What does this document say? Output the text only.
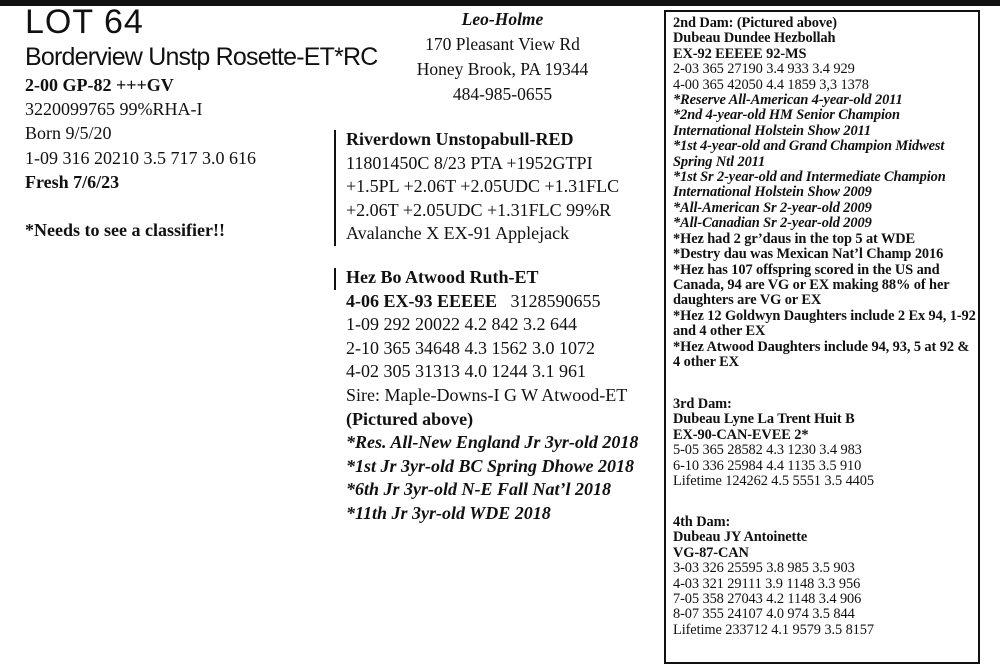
LOT 64
Borderview Unstp Rosette-ET*RC
2-00 GP-82 +++GV
3220099765 99%RHA-I
Born 9/5/20
1-09 316 20210 3.5 717 3.0 616
Fresh 7/6/23
*Needs to see a classifier!!
Leo-Holme
170 Pleasant View Rd
Honey Brook, PA 19344
484-985-0655
Riverdown Unstopabull-RED
11801450C 8/23 PTA +1952GTPI
+1.5PL +2.06T +2.05UDC +1.31FLC
+2.06T +2.05UDC +1.31FLC 99%R
Avalanche X EX-91 Applejack
Hez Bo Atwood Ruth-ET
4-06 EX-93 EEEEE 3128590655
1-09 292 20022 4.2 842 3.2 644
2-10 365 34648 4.3 1562 3.0 1072
4-02 305 31313 4.0 1244 3.1 961
Sire: Maple-Downs-I G W Atwood-ET
(Pictured above)
*Res. All-New England Jr 3yr-old 2018
*1st Jr 3yr-old BC Spring Dhowe 2018
*6th Jr 3yr-old N-E Fall Nat’l 2018
*11th Jr 3yr-old WDE 2018
2nd Dam: (Pictured above)
Dubeau Dundee Hezbollah
EX-92 EEEEE 92-MS
2-03 365 27190 3.4 933 3.4 929
4-00 365 42050 4.4 1859 3,3 1378
*Reserve All-American 4-year-old 2011
*2nd 4-year-old HM Senior Champion International Holstein Show 2011
*1st 4-year-old and Grand Champion Midwest Spring Ntl 2011
*1st Sr 2-year-old and Intermediate Champion International Holstein Show 2009
*All-American Sr 2-year-old 2009
*All-Canadian Sr 2-year-old 2009
*Hez had 2 gr’daus in the top 5 at WDE
*Destry dau was Mexican Nat’l Champ 2016
*Hez has 107 offspring scored in the US and Canada, 94 are VG or EX making 88% of her daughters are VG or EX
*Hez 12 Goldwyn Daughters include 2 Ex 94, 1-92 and 4 other EX
*Hez Atwood Daughters include 94, 93, 5 at 92 & 4 other EX
3rd Dam:
Dubeau Lyne La Trent Huit B
EX-90-CAN-EVEE 2*
5-05 365 28582 4.3 1230 3.4 983
6-10 336 25984 4.4 1135 3.5 910
Lifetime 124262 4.5 5551 3.5 4405
4th Dam:
Dubeau JY Antoinette
VG-87-CAN
3-03 326 25595 3.8 985 3.5 903
4-03 321 29111 3.9 1148 3.3 956
7-05 358 27043 4.2 1148 3.4 906
8-07 355 24107 4.0 974 3.5 844
Lifetime 233712 4.1 9579 3.5 8157
